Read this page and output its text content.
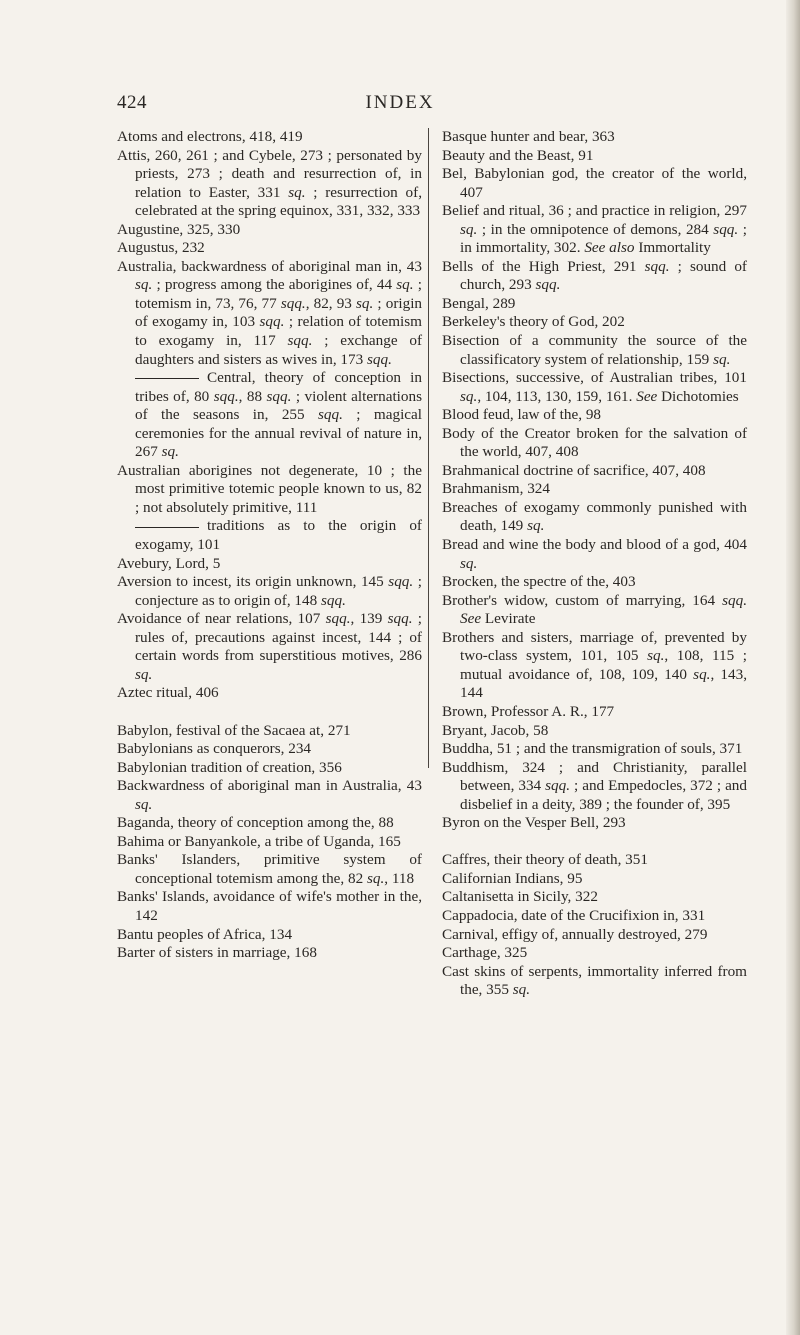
424	INDEX
Atoms and electrons, 418, 419
Attis, 260, 261 ; and Cybele, 273 ; personated by priests, 273 ; death and resurrection of, in relation to Easter, 331 sq. ; resurrection of, celebrated at the spring equinox, 331, 332, 333
Augustine, 325, 330
Augustus, 232
Australia, backwardness of aboriginal man in, 43 sq. ; progress among the aborigines of, 44 sq. ; totemism in, 73, 76, 77 sqq., 82, 93 sq. ; origin of exogamy in, 103 sqq. ; relation of totemism to exogamy in, 117 sqq. ; exchange of daughters and sisters as wives in, 173 sqq.
Central, theory of conception in tribes of, 80 sqq., 88 sqq. ; violent alternations of the seasons in, 255 sqq. ; magical ceremonies for the annual revival of nature in, 267 sq.
Australian aborigines not degenerate, 10 ; the most primitive totemic people known to us, 82 ; not absolutely primitive, 111
traditions as to the origin of exogamy, 101
Avebury, Lord, 5
Aversion to incest, its origin unknown, 145 sqq. ; conjecture as to origin of, 148 sqq.
Avoidance of near relations, 107 sqq., 139 sqq. ; rules of, precautions against incest, 144 ; of certain words from superstitious motives, 286 sq.
Aztec ritual, 406
Babylon, festival of the Sacaea at, 271
Babylonians as conquerors, 234
Babylonian tradition of creation, 356
Backwardness of aboriginal man in Australia, 43 sq.
Baganda, theory of conception among the, 88
Bahima or Banyankole, a tribe of Uganda, 165
Banks' Islanders, primitive system of conceptional totemism among the, 82 sq., 118
Banks' Islands, avoidance of wife's mother in the, 142
Bantu peoples of Africa, 134
Barter of sisters in marriage, 168
Basque hunter and bear, 363
Beauty and the Beast, 91
Bel, Babylonian god, the creator of the world, 407
Belief and ritual, 36 ; and practice in religion, 297 sq. ; in the omnipotence of demons, 284 sqq. ; in immortality, 302. See also Immortality
Bells of the High Priest, 291 sqq. ; sound of church, 293 sqq.
Bengal, 289
Berkeley's theory of God, 202
Bisection of a community the source of the classificatory system of relationship, 159 sq.
Bisections, successive, of Australian tribes, 101 sq., 104, 113, 130, 159, 161. See Dichotomies
Blood feud, law of the, 98
Body of the Creator broken for the salvation of the world, 407, 408
Brahmanical doctrine of sacrifice, 407, 408
Brahmanism, 324
Breaches of exogamy commonly punished with death, 149 sq.
Bread and wine the body and blood of a god, 404 sq.
Brocken, the spectre of the, 403
Brother's widow, custom of marrying, 164 sqq. See Levirate
Brothers and sisters, marriage of, prevented by two-class system, 101, 105 sq., 108, 115 ; mutual avoidance of, 108, 109, 140 sq., 143, 144
Brown, Professor A. R., 177
Bryant, Jacob, 58
Buddha, 51 ; and the transmigration of souls, 371
Buddhism, 324 ; and Christianity, parallel between, 334 sqq. ; and Empedocles, 372 ; and disbelief in a deity, 389 ; the founder of, 395
Byron on the Vesper Bell, 293
Caffres, their theory of death, 351
Californian Indians, 95
Caltanisetta in Sicily, 322
Cappadocia, date of the Crucifixion in, 331
Carnival, effigy of, annually destroyed, 279
Carthage, 325
Cast skins of serpents, immortality inferred from the, 355 sq.
